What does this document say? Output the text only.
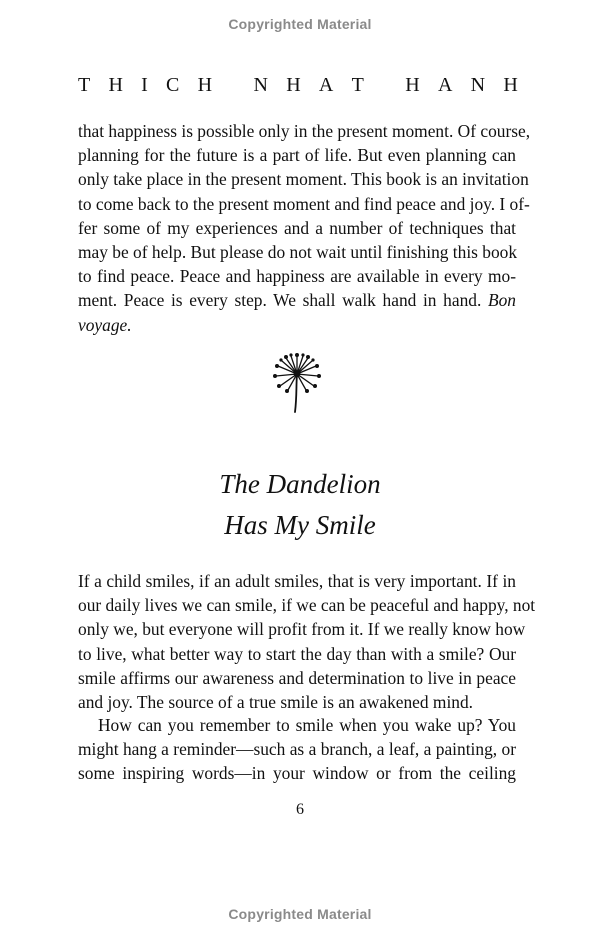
Copyrighted Material
T H I C H
N H A T
H A N H
that happiness is possible only in the present moment. Of course,
planning for the future is a part of life. But even planning can
only take place in the present moment. This book is an invitation
to come back to the present moment and find peace and joy. I of-
fer some of my experiences and a number of techniques that
may be of help. But please do not wait until finishing this book
to find peace. Peace and happiness are available in every mo-
ment. Peace is every step. We shall walk hand in hand. Bon
voyage.
The Dandelion
Has My Smile
If a child smiles, if an adult smiles, that is very important. If in
our daily lives we can smile, if we can be peaceful and happy, not
only we, but everyone will profit from it. If we really know how
to live, what better way to start the day than with a smile? Our
smile affirms our awareness and determination to live in peace
and joy. The source of a true smile is an awakened mind.
How can you remember to smile when you wake up? You
might hang a reminder—such as a branch, a leaf, a painting, or
some inspiring words—in your window or from the ceiling
6
Copyrighted Material
